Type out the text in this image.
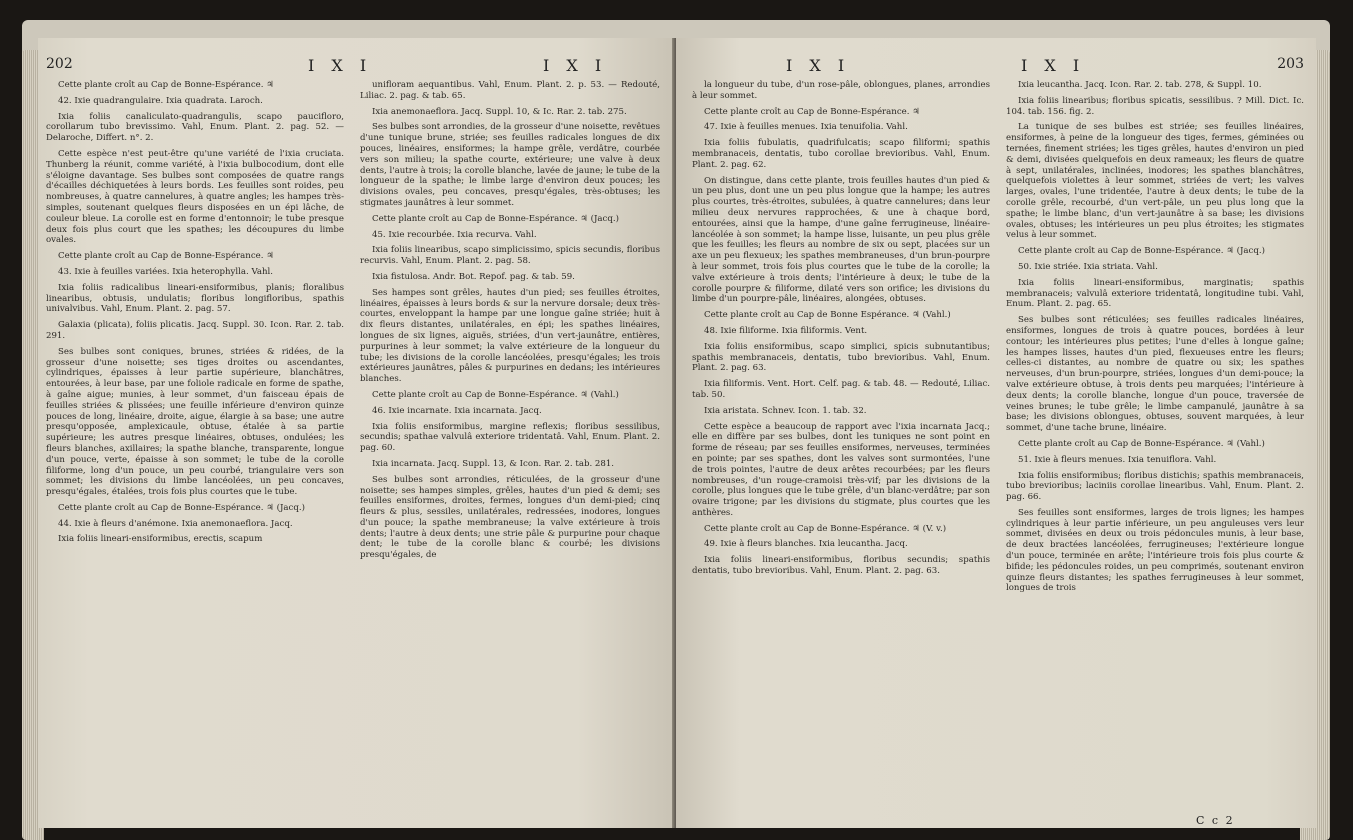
202	I X I	I X I

Cette plante croît au Cap de Bonne-Espérance. ♃

42. Ixie quadrangulaire. Ixia quadrata. Laroch.

Ixia foliis canaliculato-quadrangulis, scapo paucifloro, corollarum tubo brevissimo. Vahl, Enum. Plant. 2. pag. 52. — Delaroche, Differt. n°. 2.

Cette espèce n'est peut-être qu'une variété de l'ixia cruciata. Thunberg la réunit, comme variété, à l'ixia bulbocodium, dont elle s'éloigne davantage. Ses bulbes sont composées de quatre rangs d'écailles déchiquetées à leurs bords. Les feuilles sont roides, peu nombreuses, à quatre cannelures, à quatre angles; les hampes très-simples, soutenant quelques fleurs disposées en un épi lâche, de couleur bleue. La corolle est en forme d'entonnoir; le tube presque deux fois plus court que les spathes; les découpures du limbe ovales.

Cette plante croît au Cap de Bonne-Espérance. ♃

43. Ixie à feuilles variées. Ixia heterophylla. Vahl.

Ixia foliis radicalibus lineari-ensiformibus, planis; floralibus linearibus, obtusis, undulatis; floribus longifloribus, spathis univalvibus. Vahl, Enum. Plant. 2. pag. 57.

Galaxia (plicata), foliis plicatis. Jacq. Suppl. 30. Icon. Rar. 2. tab. 291.

Ses bulbes sont coniques, brunes, striées & ridées, de la grosseur d'une noisette; ses tiges droites ou ascendantes, cylindriques, épaisses à leur partie supérieure, blanchâtres, entourées, à leur base, par une foliole radicale en forme de spathe, à gaîne aigue; munies, à leur sommet, d'un faisceau épais de feuilles striées & plissées; une feuille inférieure d'environ quinze pouces de long, linéaire, droite, aigue, élargie à sa base; une autre presqu'opposée, amplexicaule, obtuse, étalée à sa partie supérieure; les autres presque linéaires, obtuses, ondulées; les fleurs blanches, axillaires; la spathe blanche, transparente, longue d'un pouce, verte, épaisse à son sommet; le tube de la corolle filiforme, long d'un pouce, un peu courbé, triangulaire vers son sommet; les divisions du limbe lancéolées, un peu concaves, presqu'égales, étalées, trois fois plus courtes que le tube.

Cette plante croît au Cap de Bonne-Espérance. ♃ (Jacq.)

44. Ixie à fleurs d'anémone. Ixia anemonaeflora. Jacq.

Ixia foliis lineari-ensiformibus, erectis, scapum

unifloram aequantibus. Vahl, Enum. Plant. 2. p. 53. — Redouté, Liliac. 2. pag. & tab. 65.

Ixia anemonaeflora. Jacq. Suppl. 10, & Ic. Rar. 2. tab. 275.

Ses bulbes sont arrondies, de la grosseur d'une noisette, revêtues d'une tunique brune, striée; ses feuilles radicales longues de dix pouces, linéaires, ensiformes; la hampe grêle, verdâtre, courbée vers son milieu; la spathe courte, extérieure; une valve à deux dents, l'autre à trois; la corolle blanche, lavée de jaune; le tube de la longueur de la spathe; le limbe large d'environ deux pouces; les divisions ovales, peu concaves, presqu'égales, très-obtuses; les stigmates jaunâtres à leur sommet.

Cette plante croît au Cap de Bonne-Espérance. ♃ (Jacq.)

45. Ixie recourbée. Ixia recurva. Vahl.

Ixia foliis linearibus, scapo simplicissimo, spicis secundis, floribus recurvis. Vahl, Enum. Plant. 2. pag. 58.

Ixia fistulosa. Andr. Bot. Repof. pag. & tab. 59.

Ses hampes sont grêles, hautes d'un pied; ses feuilles étroites, linéaires, épaisses à leurs bords & sur la nervure dorsale; deux très-courtes, enveloppant la hampe par une longue gaîne striée; huit à dix fleurs distantes, unilatérales, en épi; les spathes linéaires, longues de six lignes, aiguës, striées, d'un vert-jaunâtre, entières, purpurines à leur sommet; la valve extérieure de la longueur du tube; les divisions de la corolle lancéolées, presqu'égales; les trois extérieures jaunâtres, pâles & purpurines en dedans; les intérieures blanches.

Cette plante croît au Cap de Bonne-Espérance. ♃ (Vahl.)

46. Ixie incarnate. Ixia incarnata. Jacq.

Ixia foliis ensiformibus, margine reflexis; floribus sessilibus, secundis; spathae valvulâ exteriore tridentatâ. Vahl, Enum. Plant. 2. pag. 60.

Ixia incarnata. Jacq. Suppl. 13, & Icon. Rar. 2. tab. 281.

Ses bulbes sont arrondies, réticulées, de la grosseur d'une noisette; ses hampes simples, grêles, hautes d'un pied & demi; ses feuilles ensiformes, droites, fermes, longues d'un demi-pied; cinq fleurs & plus, sessiles, unilatérales, redressées, inodores, longues d'un pouce; la spathe membraneuse; la valve extérieure à trois dents; l'autre à deux dents; une strie pâle & purpurine pour chaque dent; le tube de la corolle blanc & courbé; les divisions presqu'égales, de

I X I	I X I	203

la longueur du tube, d'un rose-pâle, oblongues, planes, arrondies à leur sommet.

Cette plante croît au Cap de Bonne-Espérance. ♃

47. Ixie à feuilles menues. Ixia tenuifolia. Vahl.

Ixia foliis fubulatis, quadrifulcatis; scapo filiformi; spathis membranaceis, dentatis, tubo corollae brevioribus. Vahl, Enum. Plant. 2. pag. 62.

On distingue, dans cette plante, trois feuilles hautes d'un pied & un peu plus, dont une un peu plus longue que la hampe; les autres plus courtes, très-étroites, subulées, à quatre cannelures; dans leur milieu deux nervures rapprochées, & une à chaque bord, entourées, ainsi que la hampe, d'une gaîne ferrugineuse, linéaire-lancéolée à son sommet; la hampe lisse, luisante, un peu plus grêle que les feuilles; les fleurs au nombre de six ou sept, placées sur un axe un peu flexueux; les spathes membraneuses, d'un brun-pourpre à leur sommet, trois fois plus courtes que le tube de la corolle; la valve extérieure à trois dents; l'intérieure à deux; le tube de la corolle pourpre & filiforme, dilaté vers son orifice; les divisions du limbe d'un pourpre-pâle, linéaires, alongées, obtuses.

Cette plante croît au Cap de Bonne Espérance. ♃ (Vahl.)

48. Ixie filiforme. Ixia filiformis. Vent.

Ixia foliis ensiformibus, scapo simplici, spicis subnutantibus; spathis membranaceis, dentatis, tubo brevioribus. Vahl, Enum. Plant. 2. pag. 63.

Ixia filiformis. Vent. Hort. Celf. pag. & tab. 48. — Redouté, Liliac. tab. 50.

Ixia aristata. Schnev. Icon. 1. tab. 32.

Cette espèce a beaucoup de rapport avec l'ixia incarnata Jacq.; elle en diffère par ses bulbes, dont les tuniques ne sont point en forme de réseau; par ses feuilles ensiformes, nerveuses, terminées en pointe; par ses spathes, dont les valves sont surmontées, l'une de trois pointes, l'autre de deux arêtes recourbées; par les fleurs nombreuses, d'un rouge-cramoisi très-vif; par les divisions de la corolle, plus longues que le tube grêle, d'un blanc-verdâtre; par son ovaire trigone; par les divisions du stigmate, plus courtes que les anthères.

Cette plante croît au Cap de Bonne-Espérance. ♃ (V. v.)

49. Ixie à fleurs blanches. Ixia leucantha. Jacq.

Ixia foliis lineari-ensiformibus, floribus secundis; spathis dentatis, tubo brevioribus. Vahl, Enum. Plant. 2. pag. 63.

Ixia leucantha. Jacq. Icon. Rar. 2. tab. 278, & Suppl. 10.

Ixia foliis linearibus; floribus spicatis, sessilibus. ? Mill. Dict. Ic. 104. tab. 156. fig. 2.

La tunique de ses bulbes est striée; ses feuilles linéaires, ensiformes, à peine de la longueur des tiges, fermes, géminées ou ternées, finement striées; les tiges grêles, hautes d'environ un pied & demi, divisées quelquefois en deux rameaux; les fleurs de quatre à sept, unilatérales, inclinées, inodores; les spathes blanchâtres, quelquefois violettes à leur sommet, striées de vert; les valves larges, ovales, l'une tridentée, l'autre à deux dents; le tube de la corolle grêle, recourbé, d'un vert-pâle, un peu plus long que la spathe; le limbe blanc, d'un vert-jaunâtre à sa base; les divisions ovales, obtuses; les intérieures un peu plus étroites; les stigmates velus à leur sommet.

Cette plante croît au Cap de Bonne-Espérance. ♃ (Jacq.)

50. Ixie striée. Ixia striata. Vahl.

Ixia foliis lineari-ensiformibus, marginatis; spathis membranaceis; valvulâ exteriore tridentatâ, longitudine tubi. Vahl, Enum. Plant. 2. pag. 65.

Ses bulbes sont réticulées; ses feuilles radicales linéaires, ensiformes, longues de trois à quatre pouces, bordées à leur contour; les intérieures plus petites; l'une d'elles à longue gaîne; les hampes lisses, hautes d'un pied, flexueuses entre les fleurs; celles-ci distantes, au nombre de quatre ou six; les spathes nerveuses, d'un brun-pourpre, striées, longues d'un demi-pouce; la valve extérieure obtuse, à trois dents peu marquées; l'intérieure à deux dents; la corolle blanche, longue d'un pouce, traversée de veines brunes; le tube grêle; le limbe campanulé, jaunâtre à sa base; les divisions oblongues, obtuses, souvent marquées, à leur sommet, d'une tache brune, linéaire.

Cette plante croît au Cap de Bonne-Espérance. ♃ (Vahl.)

51. Ixie à fleurs menues. Ixia tenuiflora. Vahl.

Ixia foliis ensiformibus; floribus distichis; spathis membranaceis, tubo brevioribus; laciniis corollae linearibus. Vahl, Enum. Plant. 2. pag. 66.

Ses feuilles sont ensiformes, larges de trois lignes; les hampes cylindriques à leur partie inférieure, un peu anguleuses vers leur sommet, divisées en deux ou trois pédoncules munis, à leur base, de deux bractées lancéolées, ferrugineuses; l'extérieure longue d'un pouce, terminée en arête; l'intérieure trois fois plus courte & bifide; les pédoncules roides, un peu comprimés, soutenant environ quinze fleurs distantes; les spathes ferrugineuses à leur sommet, longues de trois

C c 2
